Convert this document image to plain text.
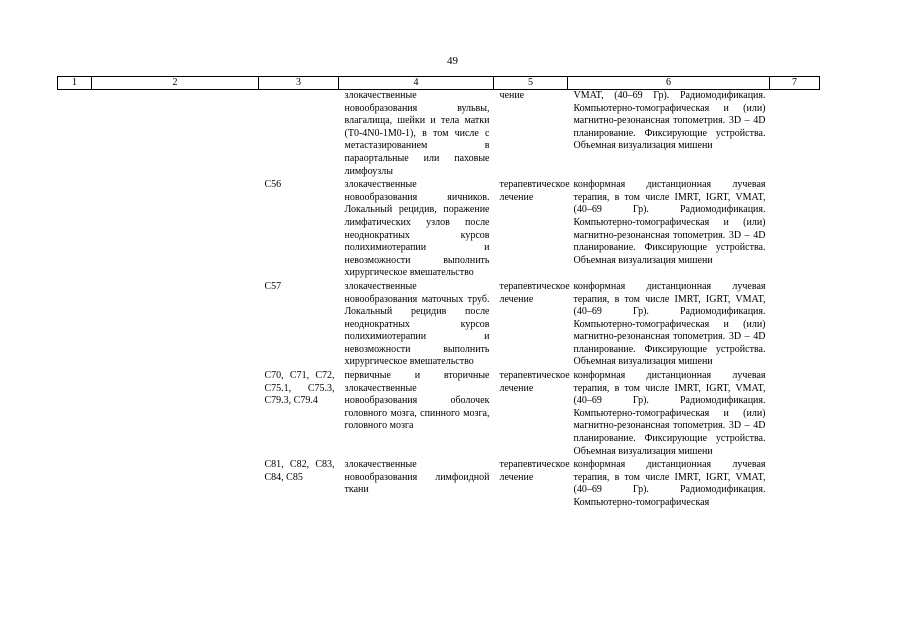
49
1	2	3	4	5	6	7
			злокачественные новообразования вульвы, влагалища, шейки и тела матки (T0-4N0-1M0-1), в том числе с метастазированием в параортальные или паховые лимфоузлы	чение	VMAT, (40–69 Гр). Радиомодификация. Компьютерно-томографическая и (или) магнитно-резонансная топометрия. 3D – 4D планирование. Фиксирующие устройства. Объемная визуализация мишени	
		С56	злокачественные новообразования яичников. Локальный рецидив, поражение лимфатических узлов после неоднократных курсов полихимиотерапии и невозможности выполнить хирургическое вмешательство	терапевтическое лечение	конформная дистанционная лучевая терапия, в том числе IMRT, IGRT, VMAT, (40–69 Гр). Радиомодификация. Компьютерно-томографическая и (или) магнитно-резонансная топометрия. 3D – 4D планирование. Фиксирующие устройства. Объемная визуализация мишени	
		С57	злокачественные новообразования маточных труб. Локальный рецидив после неоднократных курсов полихимиотерапии и невозможности выполнить хирургическое вмешательство	терапевтическое лечение	конформная дистанционная лучевая терапия, в том числе IMRT, IGRT, VMAT, (40–69 Гр). Радиомодификация. Компьютерно-томографическая и (или) магнитно-резонансная топометрия. 3D – 4D планирование. Фиксирующие устройства. Объемная визуализация мишени	
		С70, С71, С72, С75.1, С75.3, С79.3, С79.4	первичные и вторичные злокачественные новообразования оболочек головного мозга, спинного мозга, головного мозга	терапевтическое лечение	конформная дистанционная лучевая терапия, в том числе IMRT, IGRT, VMAT, (40–69 Гр). Радиомодификация. Компьютерно-томографическая и (или) магнитно-резонансная топометрия. 3D – 4D планирование. Фиксирующие устройства. Объемная визуализация мишени	
		С81, С82, С83, С84, С85	злокачественные новообразования лимфоидной ткани	терапевтическое лечение	конформная дистанционная лучевая терапия, в том числе IMRT, IGRT, VMAT, (40–69 Гр). Радиомодификация. Компьютерно-томографическая	
